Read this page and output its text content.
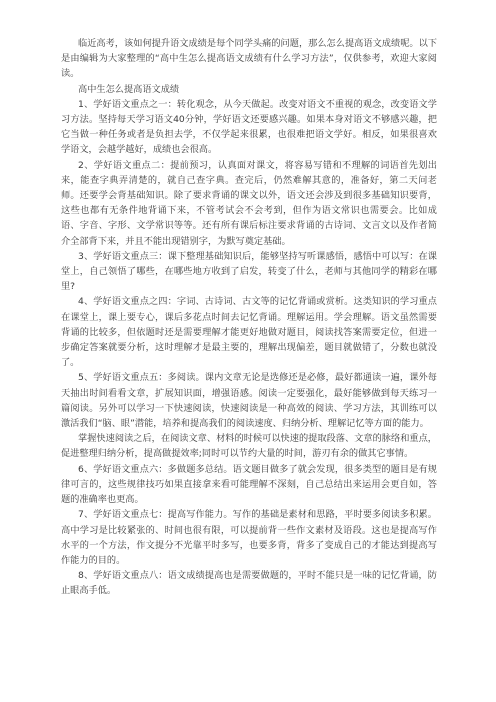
临近高考，该如何提升语文成绩是每个同学头痛的问题，那么怎么提高语文成绩呢。以下是由编辑为大家整理的“高中生怎么提高语文成绩有什么学习方法”，仅供参考，欢迎大家阅读。

高中生怎么提高语文成绩

1、学好语文重点之一：转化观念，从今天做起。改变对语文不重视的观念，改变语文学习方法。坚持每天学习语文40分钟，学好语文还要感兴趣。如果本身对语文不够感兴趣，把它当做一种任务或者是负担去学，不仅学起来很累，也很难把语文学好。相反，如果很喜欢学语文，会越学越好，成绩也会很高。

2、学好语文重点二：提前预习，认真面对课文，将容易写错和不理解的词语首先划出来，能查字典弄清楚的，就自己查字典。查完后，仍然难解其意的，准备好，第二天问老师。还要学会背基础知识。除了要求背诵的课文以外，语文还会涉及到很多基础知识要背，这些也都有无条件地背诵下来，不管考试会不会考到，但作为语文常识也需要会。比如成语、字音、字形、文学常识等等。还有所有课后标注要求背诵的古诗词、文言文以及作者简介全部背下来，并且不能出现错别字，为默写奠定基础。

3、学好语文重点三：课下整理基础知识后，能够坚持写听课感悟，感悟中可以写：在课堂上，自己领悟了哪些，在哪些地方收到了启发，转变了什么，老师与其他同学的精彩在哪里?

4、学好语文重点之四：字词、古诗词、古文等的记忆背诵或赏析。这类知识的学习重点在课堂上，课上要专心，课后多花点时间去记忆背诵。理解运用。学会理解。语文虽然需要背诵的比较多，但依题时还是需要理解才能更好地做对题目，阅读找答案需要定位，但进一步确定答案就要分析，这时理解才是最主要的，理解出现偏差，题目就做错了，分数也就没了。

5、学好语文重点五：多阅读。课内文章无论是选修还是必修，最好都通读一遍，课外每天抽出时间看看文章，扩展知识面，增强语感。阅读一定要强化，最好能够做到每天练习一篇阅读。另外可以学习一下快速阅读，快速阅读是一种高效的阅读、学习方法，其训练可以激活我们“脑、眼”潜能，培养和提高我们的阅读速度、归纳分析、理解记忆等方面的能力。

掌握快速阅读之后，在阅读文章、材料的时候可以快速的提取段落、文章的脉络和重点，促进整理归纳分析，提高做提效率;同时可以节约大量的时间，游刃有余的做其它事情。

6、学好语文重点六：多做题多总结。语文题目做多了就会发现，很多类型的题目是有规律可言的，这些规律技巧如果直接拿来看可能理解不深刻，自己总结出来运用会更自如，答题的准确率也更高。

7、学好语文重点七：提高写作能力。写作的基础是素材和思路，平时要多阅读多积累。高中学习是比较紧张的、时间也很有限，可以提前背一些作文素材及语段。这也是提高写作水平的一个方法，作文提分不光靠平时多写，也要多背，背多了变成自己的才能达到提高写作能力的目的。

8、学好语文重点八：语文成绩提高也是需要做题的，平时不能只是一味的记忆背诵，防止眼高手低。
